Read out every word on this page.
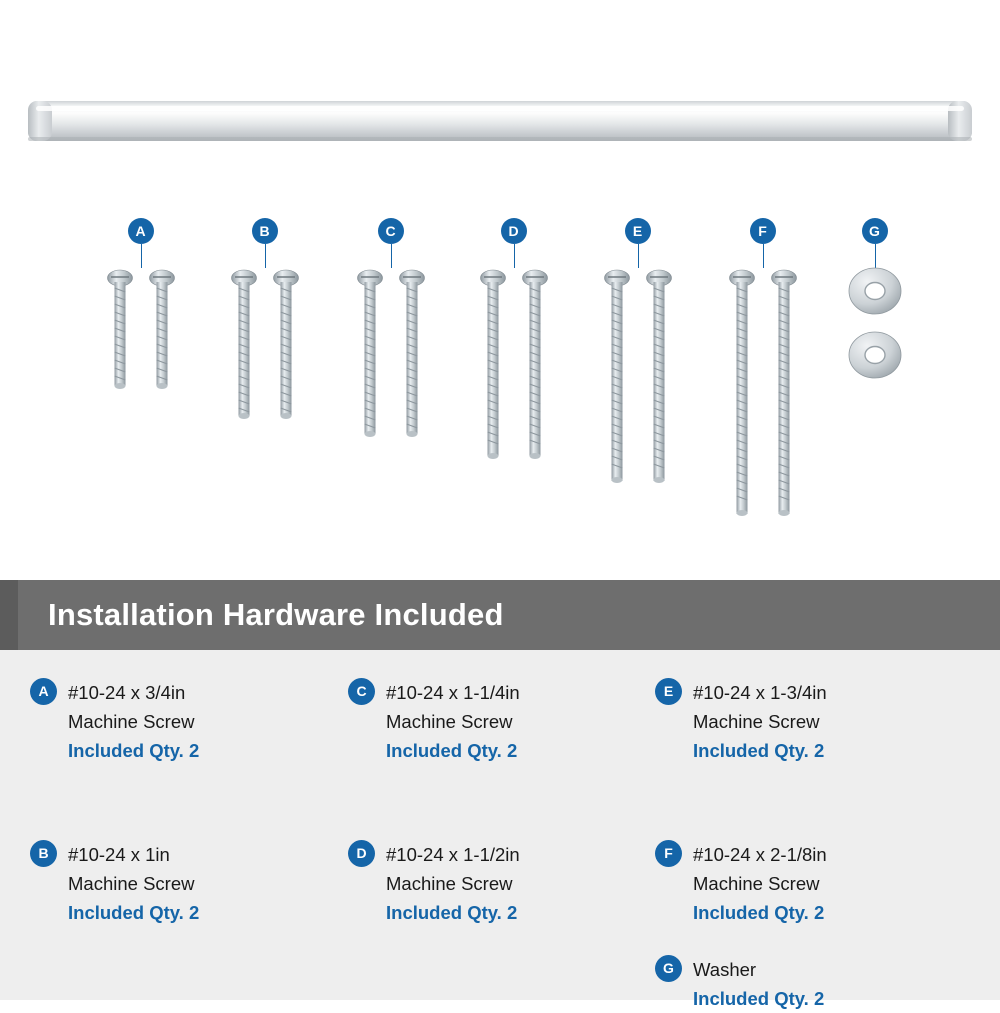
A	B	C	D	E	F	G
Installation Hardware Included
A	#10-24 x 3/4in
Machine Screw
Included Qty. 2
B	#10-24 x 1in
Machine Screw
Included Qty. 2
C	#10-24 x 1-1/4in
Machine Screw
Included Qty. 2
D	#10-24 x 1-1/2in
Machine Screw
Included Qty. 2
E	#10-24 x 1-3/4in
Machine Screw
Included Qty. 2
F	#10-24 x 2-1/8in
Machine Screw
Included Qty. 2
G	Washer
Included Qty. 2
